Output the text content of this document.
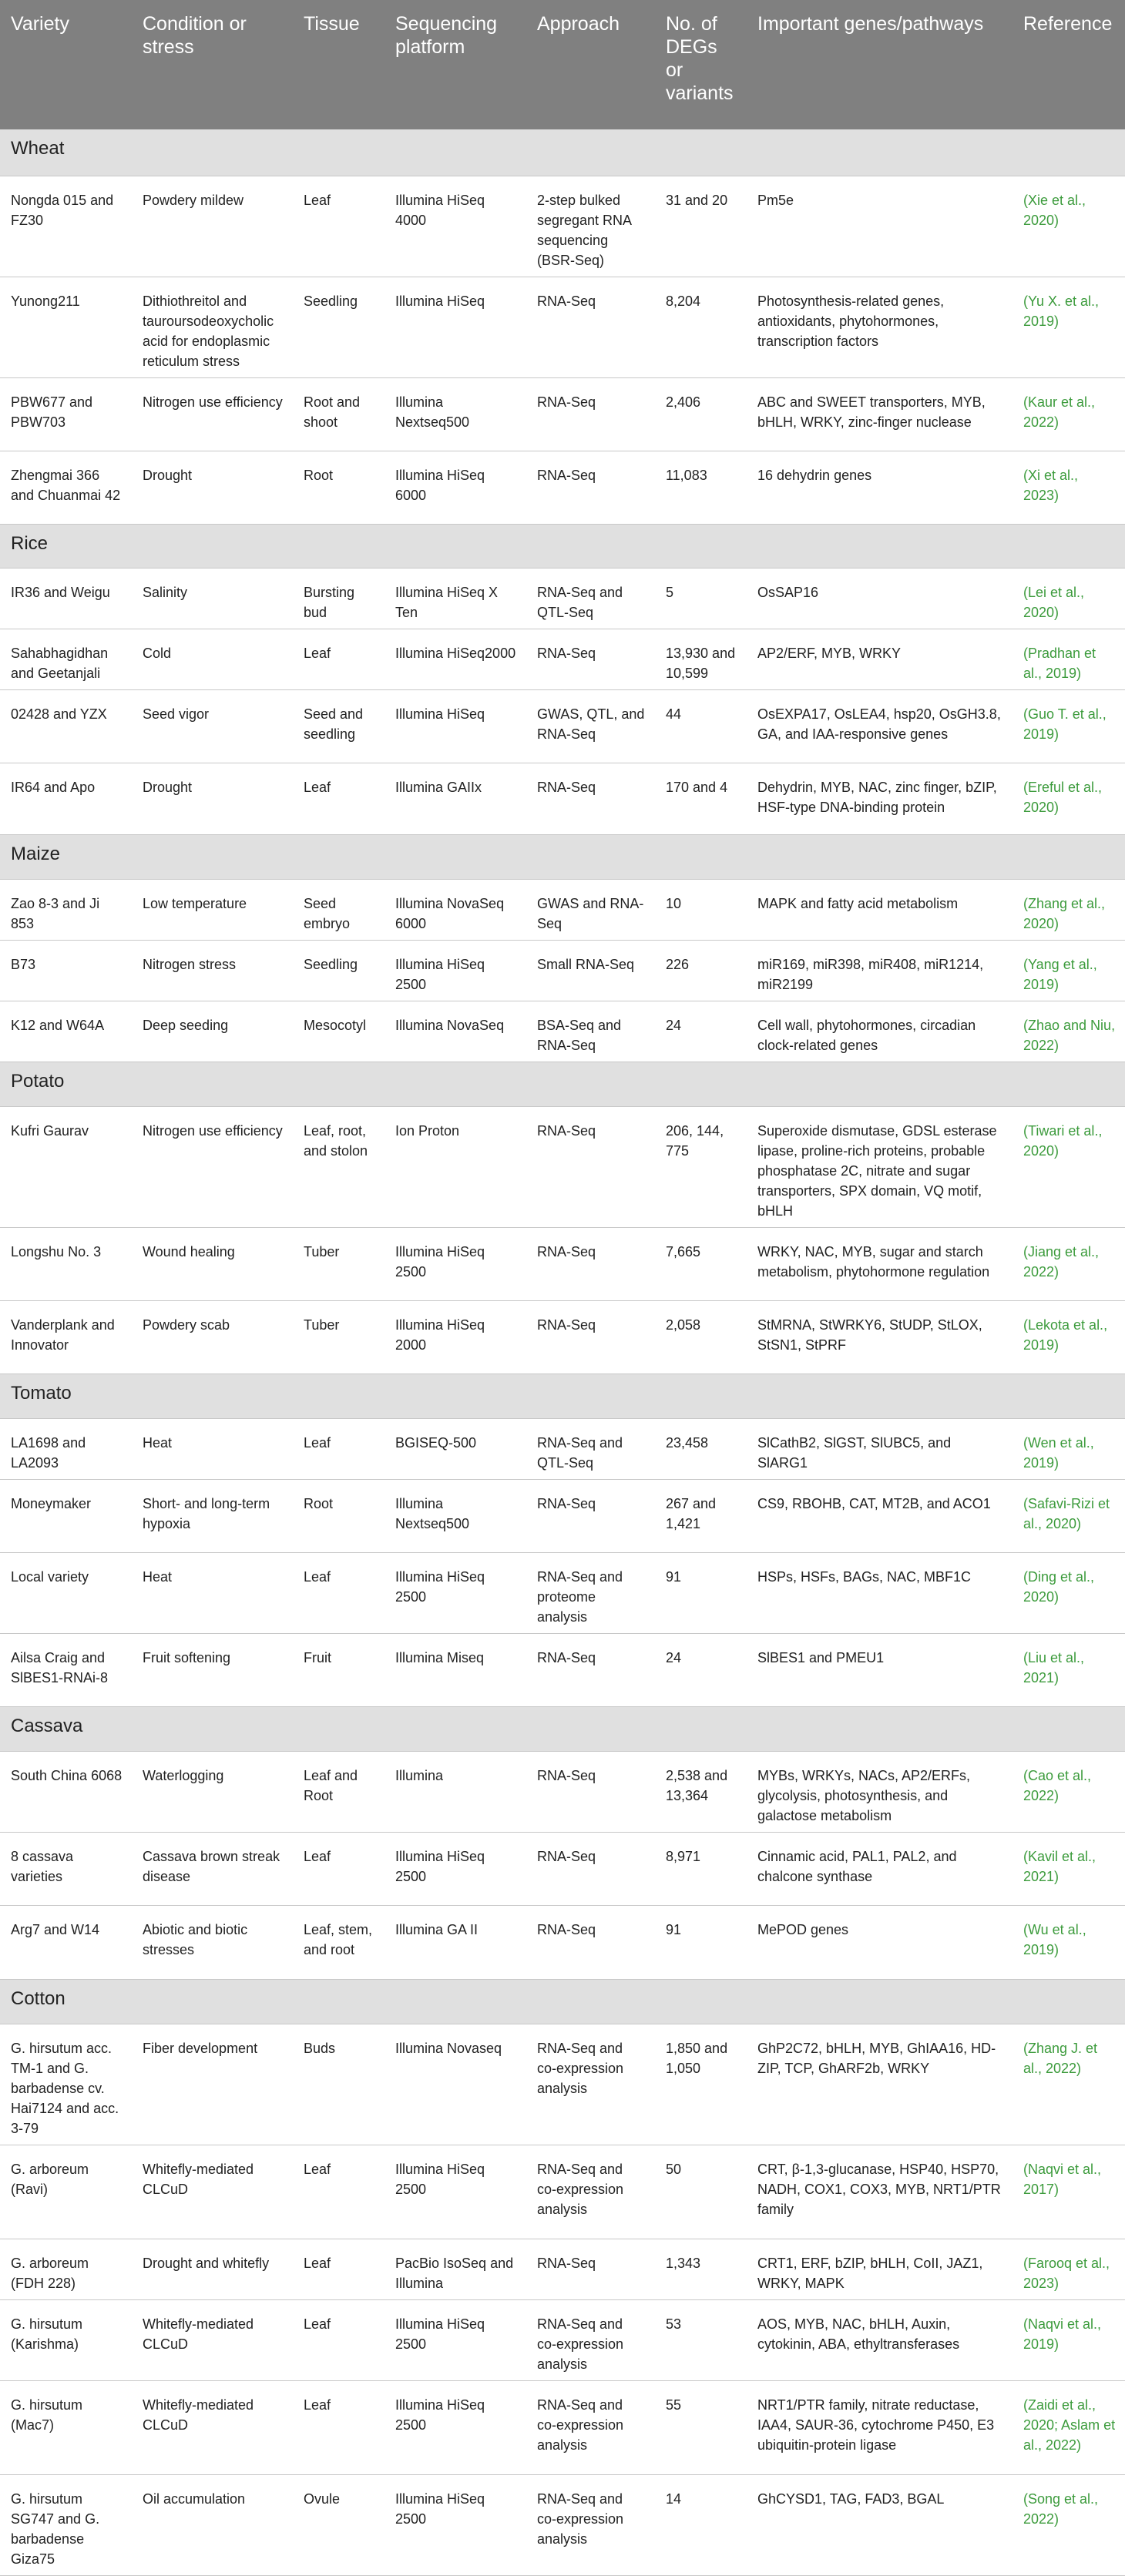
Variety	Condition or stress	Tissue	Sequencing platform	Approach	No. of DEGs or variants	Important genes/pathways	Reference
Wheat							
Nongda 015 and FZ30	Powdery mildew	Leaf	Illumina HiSeq 4000	2-step bulked segregant RNA sequencing (BSR-Seq)	31 and 20	Pm5e	(Xie et al., 2020)
Yunong211	Dithiothreitol and tauroursodeoxycholic acid for endoplasmic reticulum stress	Seedling	Illumina HiSeq	RNA-Seq	8,204	Photosynthesis-related genes, antioxidants, phytohormones, transcription factors	(Yu X. et al., 2019)
PBW677 and PBW703	Nitrogen use efficiency	Root and shoot	Illumina Nextseq500	RNA-Seq	2,406	ABC and SWEET transporters, MYB, bHLH, WRKY, zinc-finger nuclease	(Kaur et al., 2022)
Zhengmai 366 and Chuanmai 42	Drought	Root	Illumina HiSeq 6000	RNA-Seq	11,083	16 dehydrin genes	(Xi et al., 2023)
Rice							
IR36 and Weigu	Salinity	Bursting bud	Illumina HiSeq X Ten	RNA-Seq and QTL-Seq	5	OsSAP16	(Lei et al., 2020)
Sahabhagidhan and Geetanjali	Cold	Leaf	Illumina HiSeq2000	RNA-Seq	13,930 and 10,599	AP2/ERF, MYB, WRKY	(Pradhan et al., 2019)
02428 and YZX	Seed vigor	Seed and seedling	Illumina HiSeq	GWAS, QTL, and RNA-Seq	44	OsEXPA17, OsLEA4, hsp20, OsGH3.8, GA, and IAA-responsive genes	(Guo T. et al., 2019)
IR64 and Apo	Drought	Leaf	Illumina GAIIx	RNA-Seq	170 and 4	Dehydrin, MYB, NAC, zinc finger, bZIP, HSF-type DNA-binding protein	(Ereful et al., 2020)
Maize							
Zao 8-3 and Ji 853	Low temperature	Seed embryo	Illumina NovaSeq 6000	GWAS and RNA-Seq	10	MAPK and fatty acid metabolism	(Zhang et al., 2020)
B73	Nitrogen stress	Seedling	Illumina HiSeq 2500	Small RNA-Seq	226	miR169, miR398, miR408, miR1214, miR2199	(Yang et al., 2019)
K12 and W64A	Deep seeding	Mesocotyl	Illumina NovaSeq	BSA-Seq and RNA-Seq	24	Cell wall, phytohormones, circadian clock-related genes	(Zhao and Niu, 2022)
Potato							
Kufri Gaurav	Nitrogen use efficiency	Leaf, root, and stolon	Ion Proton	RNA-Seq	206, 144, 775	Superoxide dismutase, GDSL esterase lipase, proline-rich proteins, probable phosphatase 2C, nitrate and sugar transporters, SPX domain, VQ motif, bHLH	(Tiwari et al., 2020)
Longshu No. 3	Wound healing	Tuber	Illumina HiSeq 2500	RNA-Seq	7,665	WRKY, NAC, MYB, sugar and starch metabolism, phytohormone regulation	(Jiang et al., 2022)
Vanderplank and Innovator	Powdery scab	Tuber	Illumina HiSeq 2000	RNA-Seq	2,058	StMRNA, StWRKY6, StUDP, StLOX, StSN1, StPRF	(Lekota et al., 2019)
Tomato							
LA1698 and LA2093	Heat	Leaf	BGISEQ-500	RNA-Seq and QTL-Seq	23,458	SlCathB2, SlGST, SlUBC5, and SlARG1	(Wen et al., 2019)
Moneymaker	Short- and long-term hypoxia	Root	Illumina Nextseq500	RNA-Seq	267 and 1,421	CS9, RBOHB, CAT, MT2B, and ACO1	(Safavi-Rizi et al., 2020)
Local variety	Heat	Leaf	Illumina HiSeq 2500	RNA-Seq and proteome analysis	91	HSPs, HSFs, BAGs, NAC, MBF1C	(Ding et al., 2020)
Ailsa Craig and SlBES1-RNAi-8	Fruit softening	Fruit	Illumina Miseq	RNA-Seq	24	SlBES1 and PMEU1	(Liu et al., 2021)
Cassava							
South China 6068	Waterlogging	Leaf and Root	Illumina	RNA-Seq	2,538 and 13,364	MYBs, WRKYs, NACs, AP2/ERFs, glycolysis, photosynthesis, and galactose metabolism	(Cao et al., 2022)
8 cassava varieties	Cassava brown streak disease	Leaf	Illumina HiSeq 2500	RNA-Seq	8,971	Cinnamic acid, PAL1, PAL2, and chalcone synthase	(Kavil et al., 2021)
Arg7 and W14	Abiotic and biotic stresses	Leaf, stem, and root	Illumina GA II	RNA-Seq	91	MePOD genes	(Wu et al., 2019)
Cotton							
G. hirsutum acc. TM-1 and G. barbadense cv. Hai7124 and acc. 3-79	Fiber development	Buds	Illumina Novaseq	RNA-Seq and co-expression analysis	1,850 and 1,050	GhP2C72, bHLH, MYB, GhIAA16, HD-ZIP, TCP, GhARF2b, WRKY	(Zhang J. et al., 2022)
G. arboreum (Ravi)	Whitefly-mediated CLCuD	Leaf	Illumina HiSeq 2500	RNA-Seq and co-expression analysis	50	CRT, β-1,3-glucanase, HSP40, HSP70, NADH, COX1, COX3, MYB, NRT1/PTR family	(Naqvi et al., 2017)
G. arboreum (FDH 228)	Drought and whitefly	Leaf	PacBio IsoSeq and Illumina	RNA-Seq	1,343	CRT1, ERF, bZIP, bHLH, CoII, JAZ1, WRKY, MAPK	(Farooq et al., 2023)
G. hirsutum (Karishma)	Whitefly-mediated CLCuD	Leaf	Illumina HiSeq 2500	RNA-Seq and co-expression analysis	53	AOS, MYB, NAC, bHLH, Auxin, cytokinin, ABA, ethyltransferases	(Naqvi et al., 2019)
G. hirsutum (Mac7)	Whitefly-mediated CLCuD	Leaf	Illumina HiSeq 2500	RNA-Seq and co-expression analysis	55	NRT1/PTR family, nitrate reductase, IAA4, SAUR-36, cytochrome P450, E3 ubiquitin-protein ligase	(Zaidi et al., 2020; Aslam et al., 2022)
G. hirsutum SG747 and G. barbadense Giza75	Oil accumulation	Ovule	Illumina HiSeq 2500	RNA-Seq and co-expression analysis	14	GhCYSD1, TAG, FAD3, BGAL	(Song et al., 2022)
